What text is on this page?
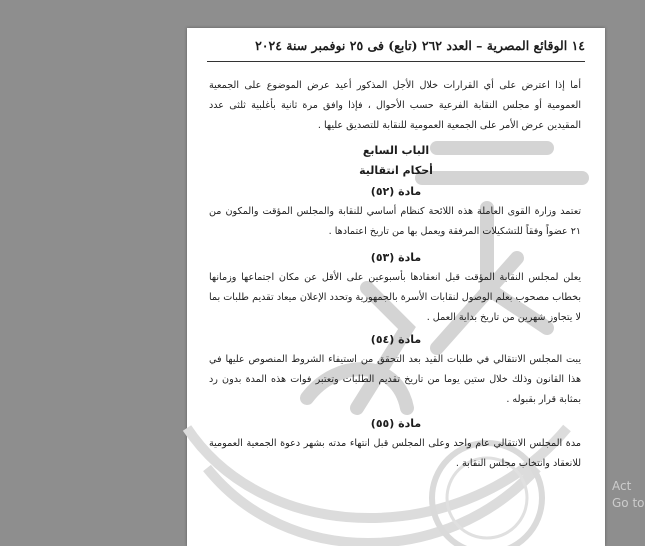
١٤ الوقائع المصرية – العدد ٢٦٢ (تابع) فى ٢٥ نوفمبر سنة ٢٠٢٤
أما إذا اعترض على أي القرارات خلال الأجل المذكور أعيد عرض الموضوع على الجمعية العمومية أو مجلس النقابة الفرعية حسب الأحوال ، فإذا وافق مرة ثانية بأغلبية ثلثى عدد المقيدين عرض الأمر على الجمعية العمومية للنقابة للتصديق عليها .
الباب السابع
أحكام انتقالية
مادة (٥٢)
تعتمد وزارة القوى العاملة هذه اللائحة كنظام أساسي للنقابة والمجلس المؤقت والمكون من ٢١ عضواً وفقاً للتشكيلات المرفقة ويعمل بها من تاريخ اعتمادها .
مادة (٥٣)
يعلن لمجلس النقابة المؤقت قبل انعقادها بأسبوعين على الأقل عن مكان اجتماعها وزمانها بخطاب مصحوب بعلم الوصول لنقابات الأسرة بالجمهورية وتحدد الإعلان ميعاد تقديم طلبات بما لا يتجاوز شهرين من تاريخ بداية العمل .
مادة (٥٤)
يبت المجلس الانتقالي في طلبات القيد بعد التحقق من استيفاء الشروط المنصوص عليها في هذا القانون وذلك خلال ستين يوما من تاريخ تقديم الطلبات وتعتبر فوات هذه المدة بدون رد بمثابة قرار بقبوله .
مادة (٥٥)
مدة المجلس الانتقالي عام واحد وعلى المجلس قبل انتهاء مدته بشهر دعوة الجمعية العمومية للانعقاد وانتخاب مجلس النقابة .
Act
Go to
